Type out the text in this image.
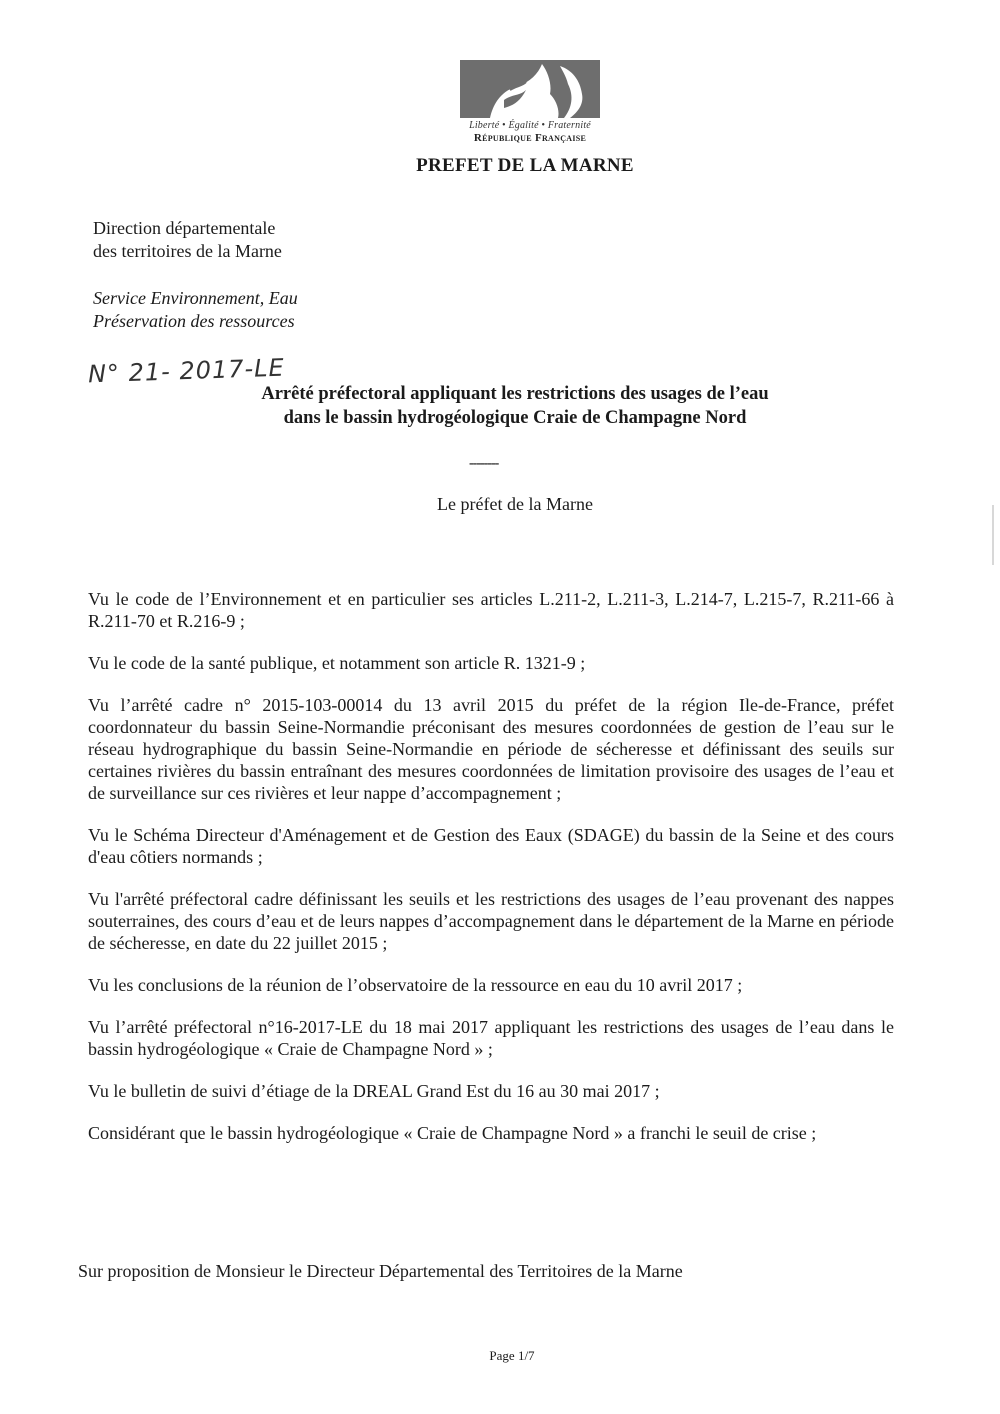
Liberté • Égalité • Fraternité
République Française
PREFET DE LA MARNE
Direction départementale
des territoires de la Marne
Service Environnement, Eau
Préservation des ressources
N° 21- 2017-LE
Arrêté préfectoral appliquant les restrictions des usages de l’eau
dans le bassin hydrogéologique Craie de Champagne Nord
--------
Le préfet de la Marne

Vu le code de l’Environnement et en particulier ses articles L.211-2, L.211-3, L.214-7, L.215-7, R.211-66 à R.211-70 et R.216-9 ;

Vu le code de la santé publique, et notamment son article R. 1321-9 ;

Vu l’arrêté cadre n° 2015-103-00014 du 13 avril 2015 du préfet de la région Ile-de-France, préfet coordonnateur du bassin Seine-Normandie préconisant des mesures coordonnées de gestion de l’eau sur le réseau hydrographique du bassin Seine-Normandie en période de sécheresse et définissant des seuils sur certaines rivières du bassin entraînant des mesures coordonnées de limitation provisoire des usages de l’eau et de surveillance sur ces rivières et leur nappe d’accompagnement ;

Vu le Schéma Directeur d'Aménagement et de Gestion des Eaux (SDAGE) du bassin de la Seine et des cours d'eau côtiers normands ;

Vu l'arrêté préfectoral cadre définissant les seuils et les restrictions des usages de l’eau provenant des nappes souterraines, des cours d’eau et de leurs nappes d’accompagnement dans le département de la Marne en période de sécheresse, en date du 22 juillet 2015 ;

Vu les conclusions de la réunion de l’observatoire de la ressource en eau du 10 avril 2017 ;

Vu l’arrêté préfectoral n°16-2017-LE du 18 mai 2017 appliquant les restrictions des usages de l’eau dans le bassin hydrogéologique « Craie de Champagne Nord » ;

Vu le bulletin de suivi d’étiage de la DREAL Grand Est du 16 au 30 mai 2017 ;

Considérant que le bassin hydrogéologique « Craie de Champagne Nord » a franchi le seuil de crise ;

Sur proposition de Monsieur le Directeur Départemental des Territoires de la Marne
Page 1/7
